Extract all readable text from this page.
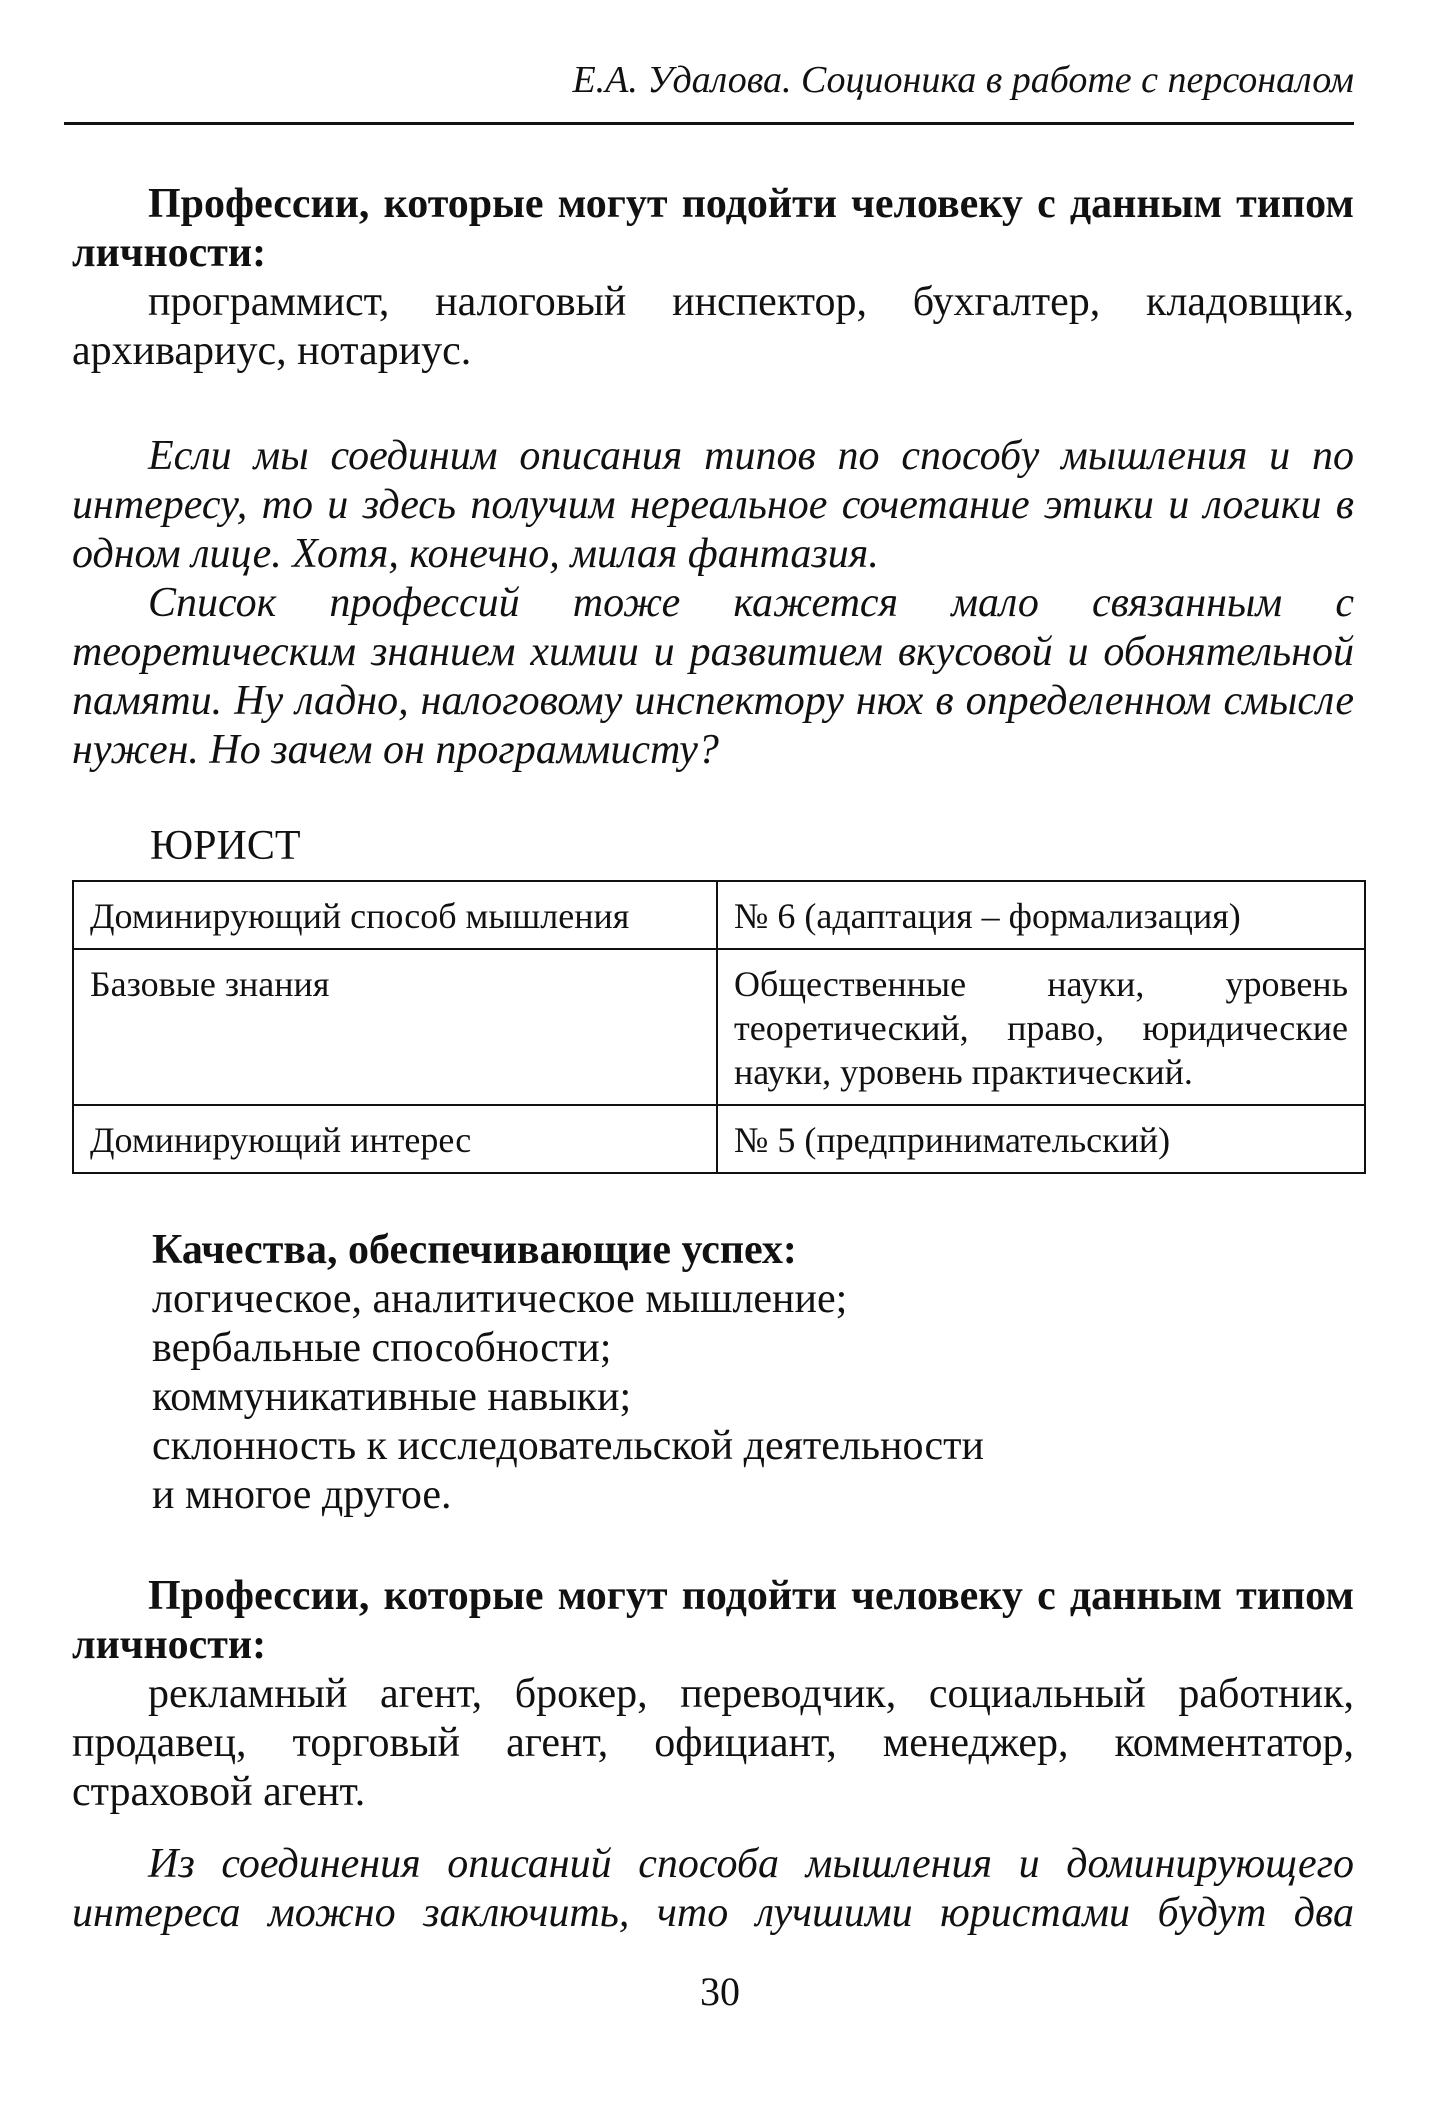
Е.А. Удалова. Соционика в работе с персоналом

Профессии, которые могут подойти человеку с данным типом личности:

программист, налоговый инспектор, бухгалтер, кладовщик, архивариус, нотариус.

Если мы соединим описания типов по способу мышления и по интересу, то и здесь получим нереальное сочетание этики и логики в одном лице. Хотя, конечно, милая фантазия.

Список профессий тоже кажется мало связанным с теоретическим знанием химии и развитием вкусовой и обонятельной памяти. Ну ладно, налоговому инспектору нюх в определенном смысле нужен. Но зачем он программисту?

ЮРИСТ
Доминирующий способ мышления	№ 6 (адаптация – формализация)
Базовые знания	Общественные науки, уровень теоретический, право, юридические науки, уровень практический.
Доминирующий интерес	№ 5 (предпринимательский)
Качества, обеспечивающие успех:
логическое, аналитическое мышление;
вербальные способности;
коммуникативные навыки;
склонность к исследовательской деятельности
и многое другое.

Профессии, которые могут подойти человеку с данным типом личности:

рекламный агент, брокер, переводчик, социальный работник, продавец, торговый агент, официант, менеджер, комментатор, страховой агент.

Из соединения описаний способа мышления и доминирующего интереса можно заключить, что лучшими юристами будут два

30
